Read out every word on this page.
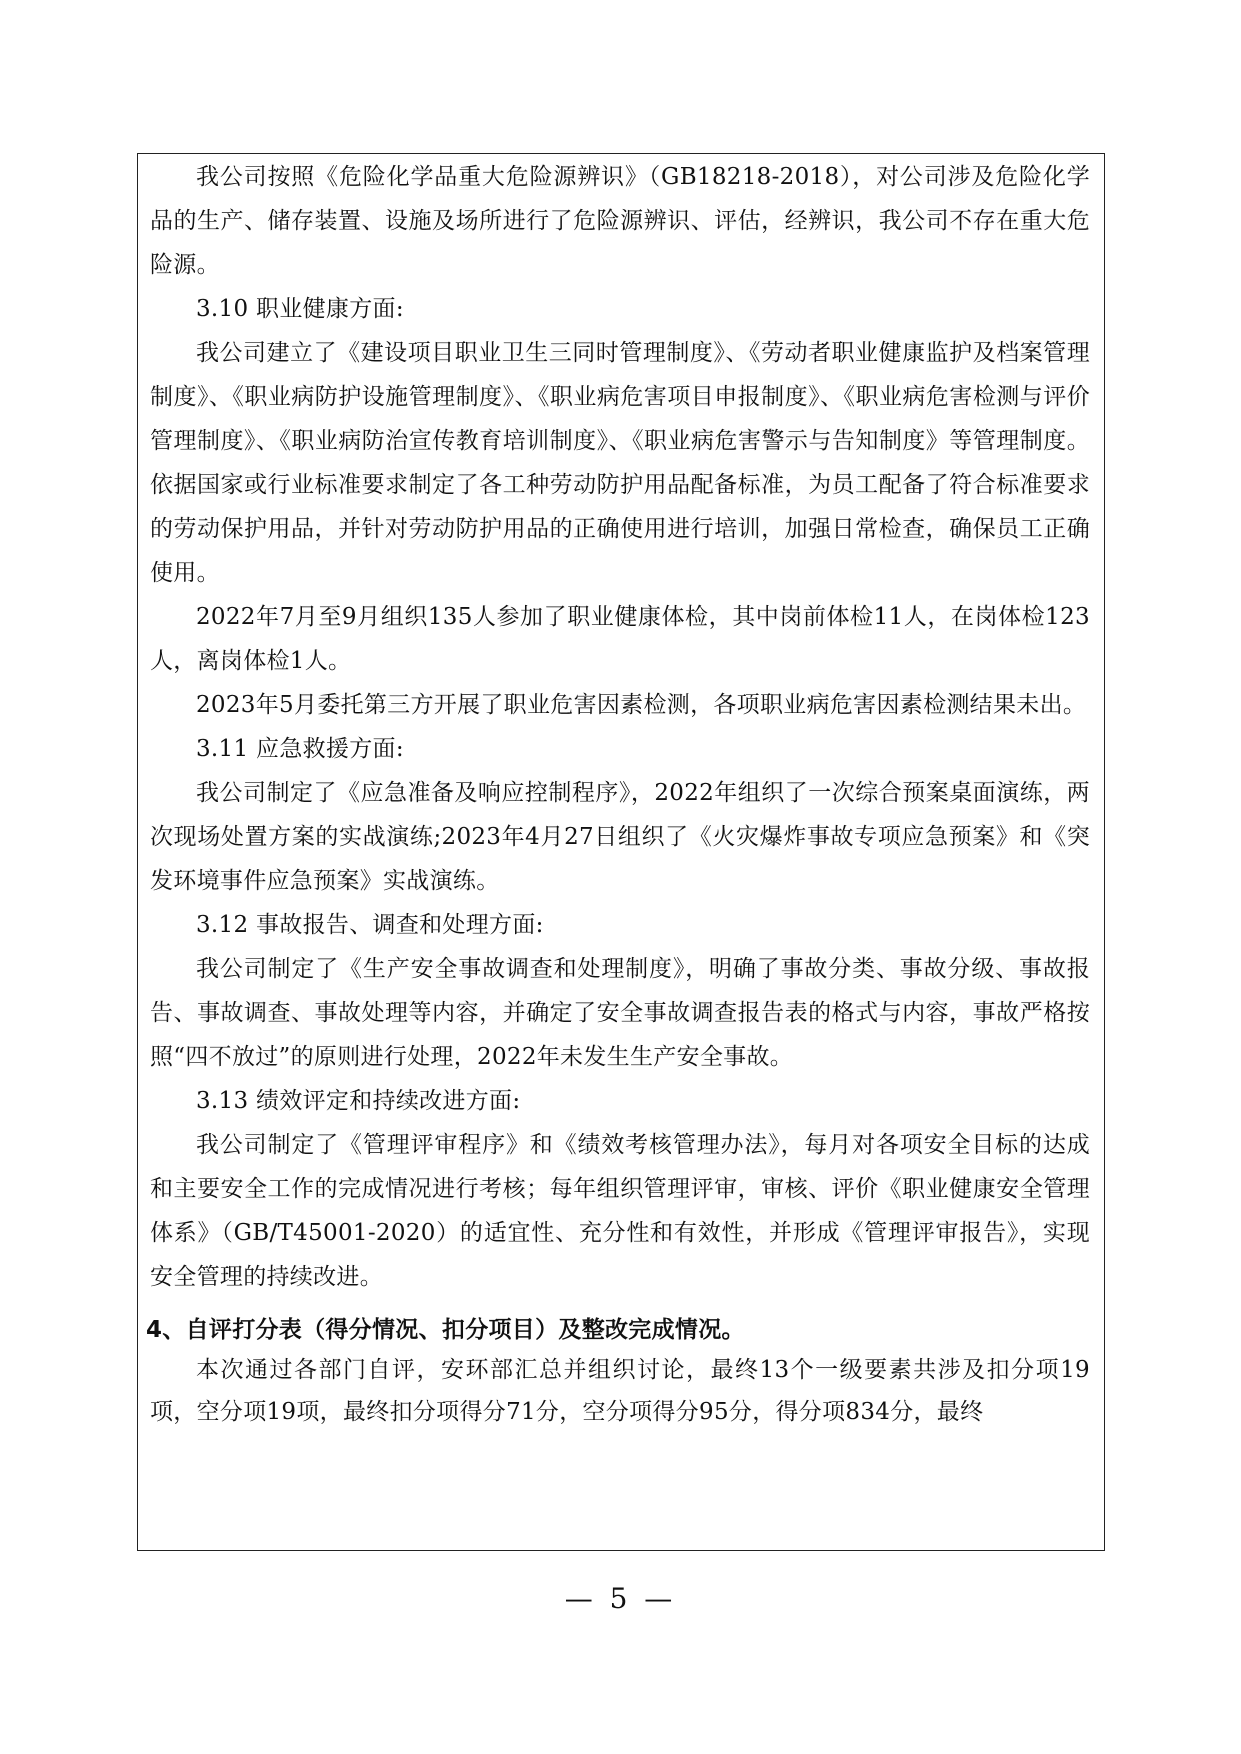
我公司按照《危险化学品重大危险源辨识》（GB18218-2018），对公司涉及危险化学品的生产、储存装置、设施及场所进行了危险源辨识、评估，经辨识，我公司不存在重大危险源。

3.10 职业健康方面:

我公司建立了《建设项目职业卫生三同时管理制度》、《劳动者职业健康监护及档案管理制度》、《职业病防护设施管理制度》、《职业病危害项目申报制度》、《职业病危害检测与评价管理制度》、《职业病防治宣传教育培训制度》、《职业病危害警示与告知制度》等管理制度。依据国家或行业标准要求制定了各工种劳动防护用品配备标准，为员工配备了符合标准要求的劳动保护用品，并针对劳动防护用品的正确使用进行培训，加强日常检查，确保员工正确使用。

2022年7月至9月组织135人参加了职业健康体检，其中岗前体检11人，在岗体检123人，离岗体检1人。

2023年5月委托第三方开展了职业危害因素检测，各项职业病危害因素检测结果未出。

3.11 应急救援方面:

我公司制定了《应急准备及响应控制程序》，2022年组织了一次综合预案桌面演练，两次现场处置方案的实战演练;2023年4月27日组织了《火灾爆炸事故专项应急预案》和《突发环境事件应急预案》实战演练。

3.12 事故报告、调查和处理方面:

我公司制定了《生产安全事故调查和处理制度》，明确了事故分类、事故分级、事故报告、事故调查、事故处理等内容，并确定了安全事故调查报告表的格式与内容，事故严格按照“四不放过”的原则进行处理，2022年未发生生产安全事故。

3.13 绩效评定和持续改进方面:

我公司制定了《管理评审程序》和《绩效考核管理办法》，每月对各项安全目标的达成和主要安全工作的完成情况进行考核；每年组织管理评审，审核、评价《职业健康安全管理体系》（GB/T45001-2020）的适宜性、充分性和有效性，并形成《管理评审报告》，实现安全管理的持续改进。

4、自评打分表（得分情况、扣分项目）及整改完成情况。

本次通过各部门自评，安环部汇总并组织讨论，最终13个一级要素共涉及扣分项19项，空分项19项，最终扣分项得分71分，空分项得分95分，得分项834分，最终

— 5 —
